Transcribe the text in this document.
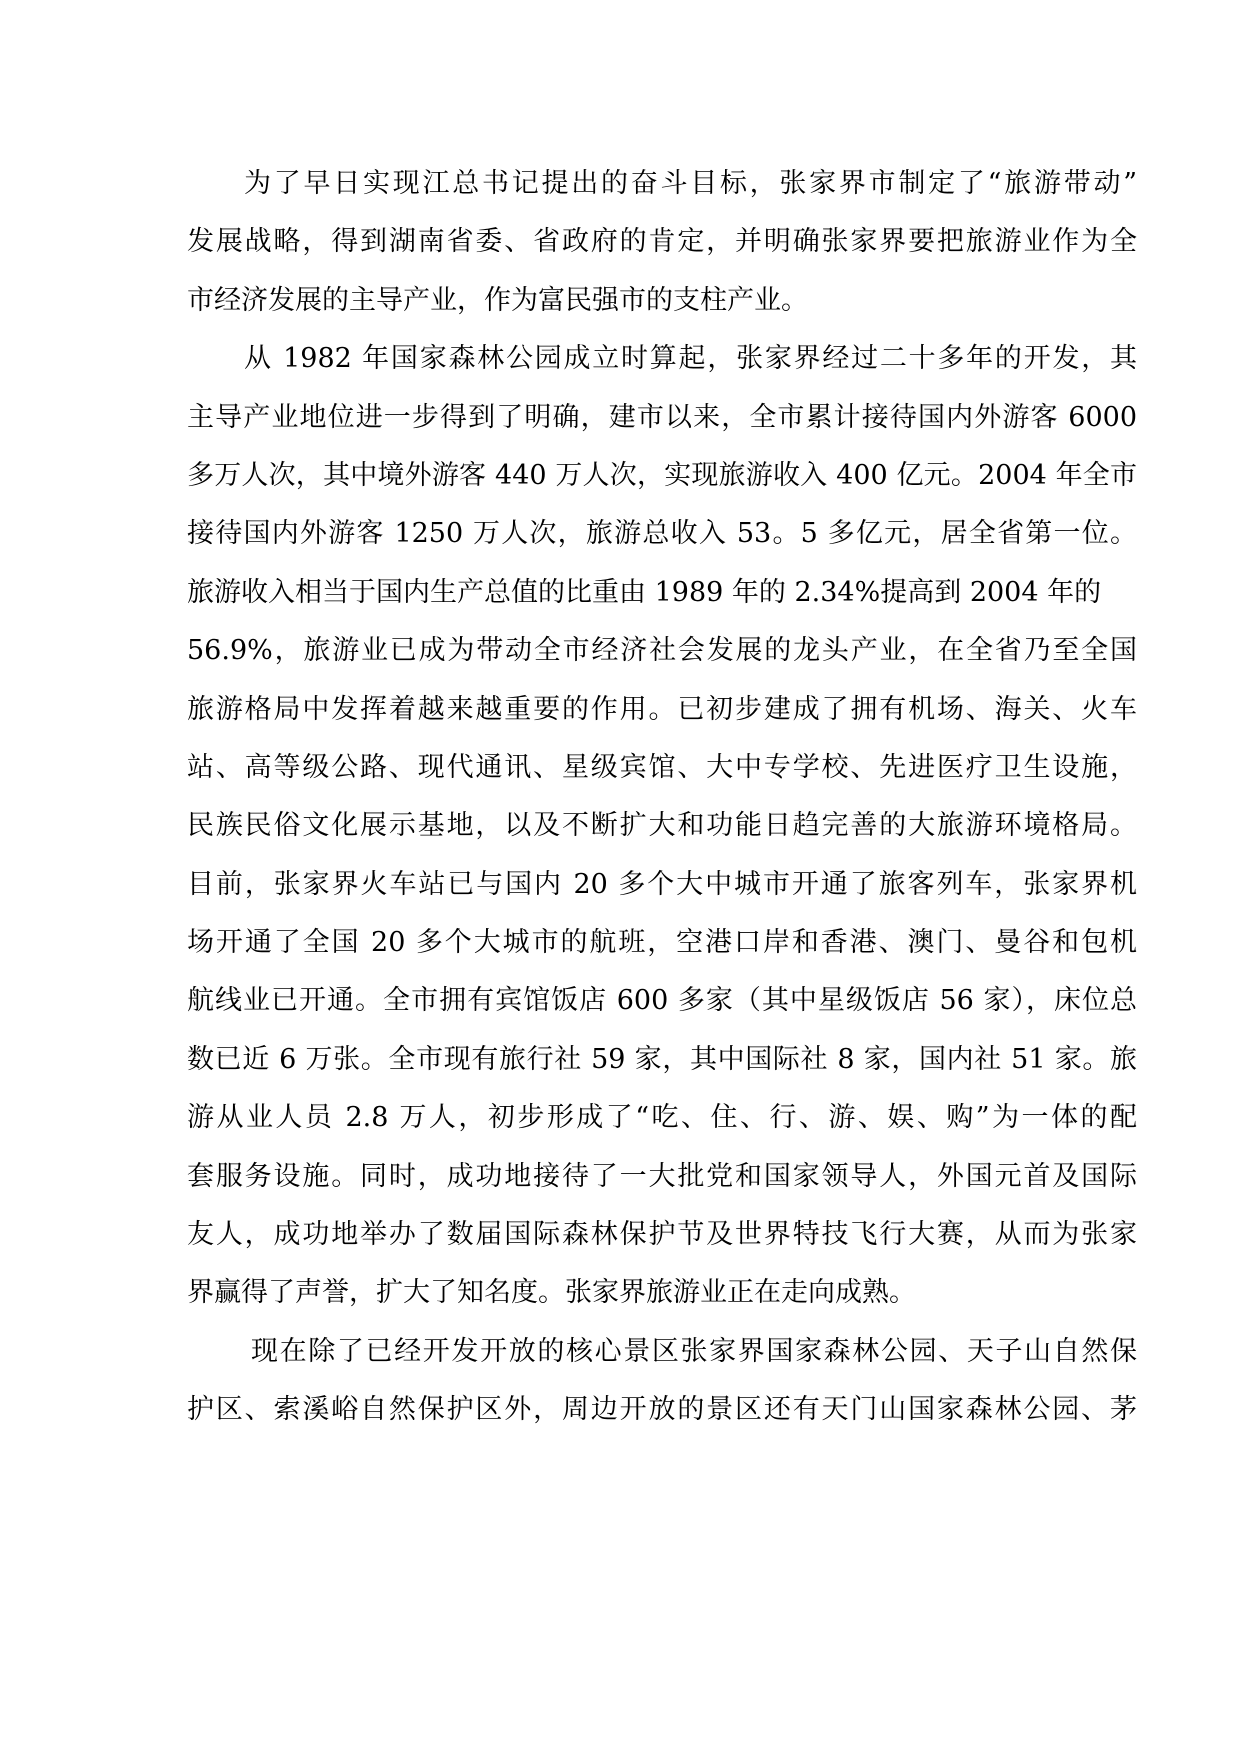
为了早日实现江总书记提出的奋斗目标，张家界市制定了“旅游带动”
发展战略，得到湖南省委、省政府的肯定，并明确张家界要把旅游业作为全
市经济发展的主导产业，作为富民强市的支柱产业。
从 1982 年国家森林公园成立时算起，张家界经过二十多年的开发，其
主导产业地位进一步得到了明确，建市以来，全市累计接待国内外游客 6000
多万人次，其中境外游客 440 万人次，实现旅游收入 400 亿元。2004 年全市
接待国内外游客 1250 万人次，旅游总收入 53。5 多亿元，居全省第一位。
旅游收入相当于国内生产总值的比重由 1989 年的 2.34%提高到 2004 年的
56.9%，旅游业已成为带动全市经济社会发展的龙头产业，在全省乃至全国
旅游格局中发挥着越来越重要的作用。已初步建成了拥有机场、海关、火车
站、高等级公路、现代通讯、星级宾馆、大中专学校、先进医疗卫生设施，
民族民俗文化展示基地，以及不断扩大和功能日趋完善的大旅游环境格局。
目前，张家界火车站已与国内 20 多个大中城市开通了旅客列车，张家界机
场开通了全国 20 多个大城市的航班，空港口岸和香港、澳门、曼谷和包机
航线业已开通。全市拥有宾馆饭店 600 多家（其中星级饭店 56 家），床位总
数已近 6 万张。全市现有旅行社 59 家，其中国际社 8 家，国内社 51 家。旅
游从业人员 2.8 万人，初步形成了“吃、住、行、游、娱、购”为一体的配
套服务设施。同时，成功地接待了一大批党和国家领导人，外国元首及国际
友人，成功地举办了数届国际森林保护节及世界特技飞行大赛，从而为张家
界赢得了声誉，扩大了知名度。张家界旅游业正在走向成熟。
现在除了已经开发开放的核心景区张家界国家森林公园、天子山自然保
护区、索溪峪自然保护区外，周边开放的景区还有天门山国家森林公园、茅
